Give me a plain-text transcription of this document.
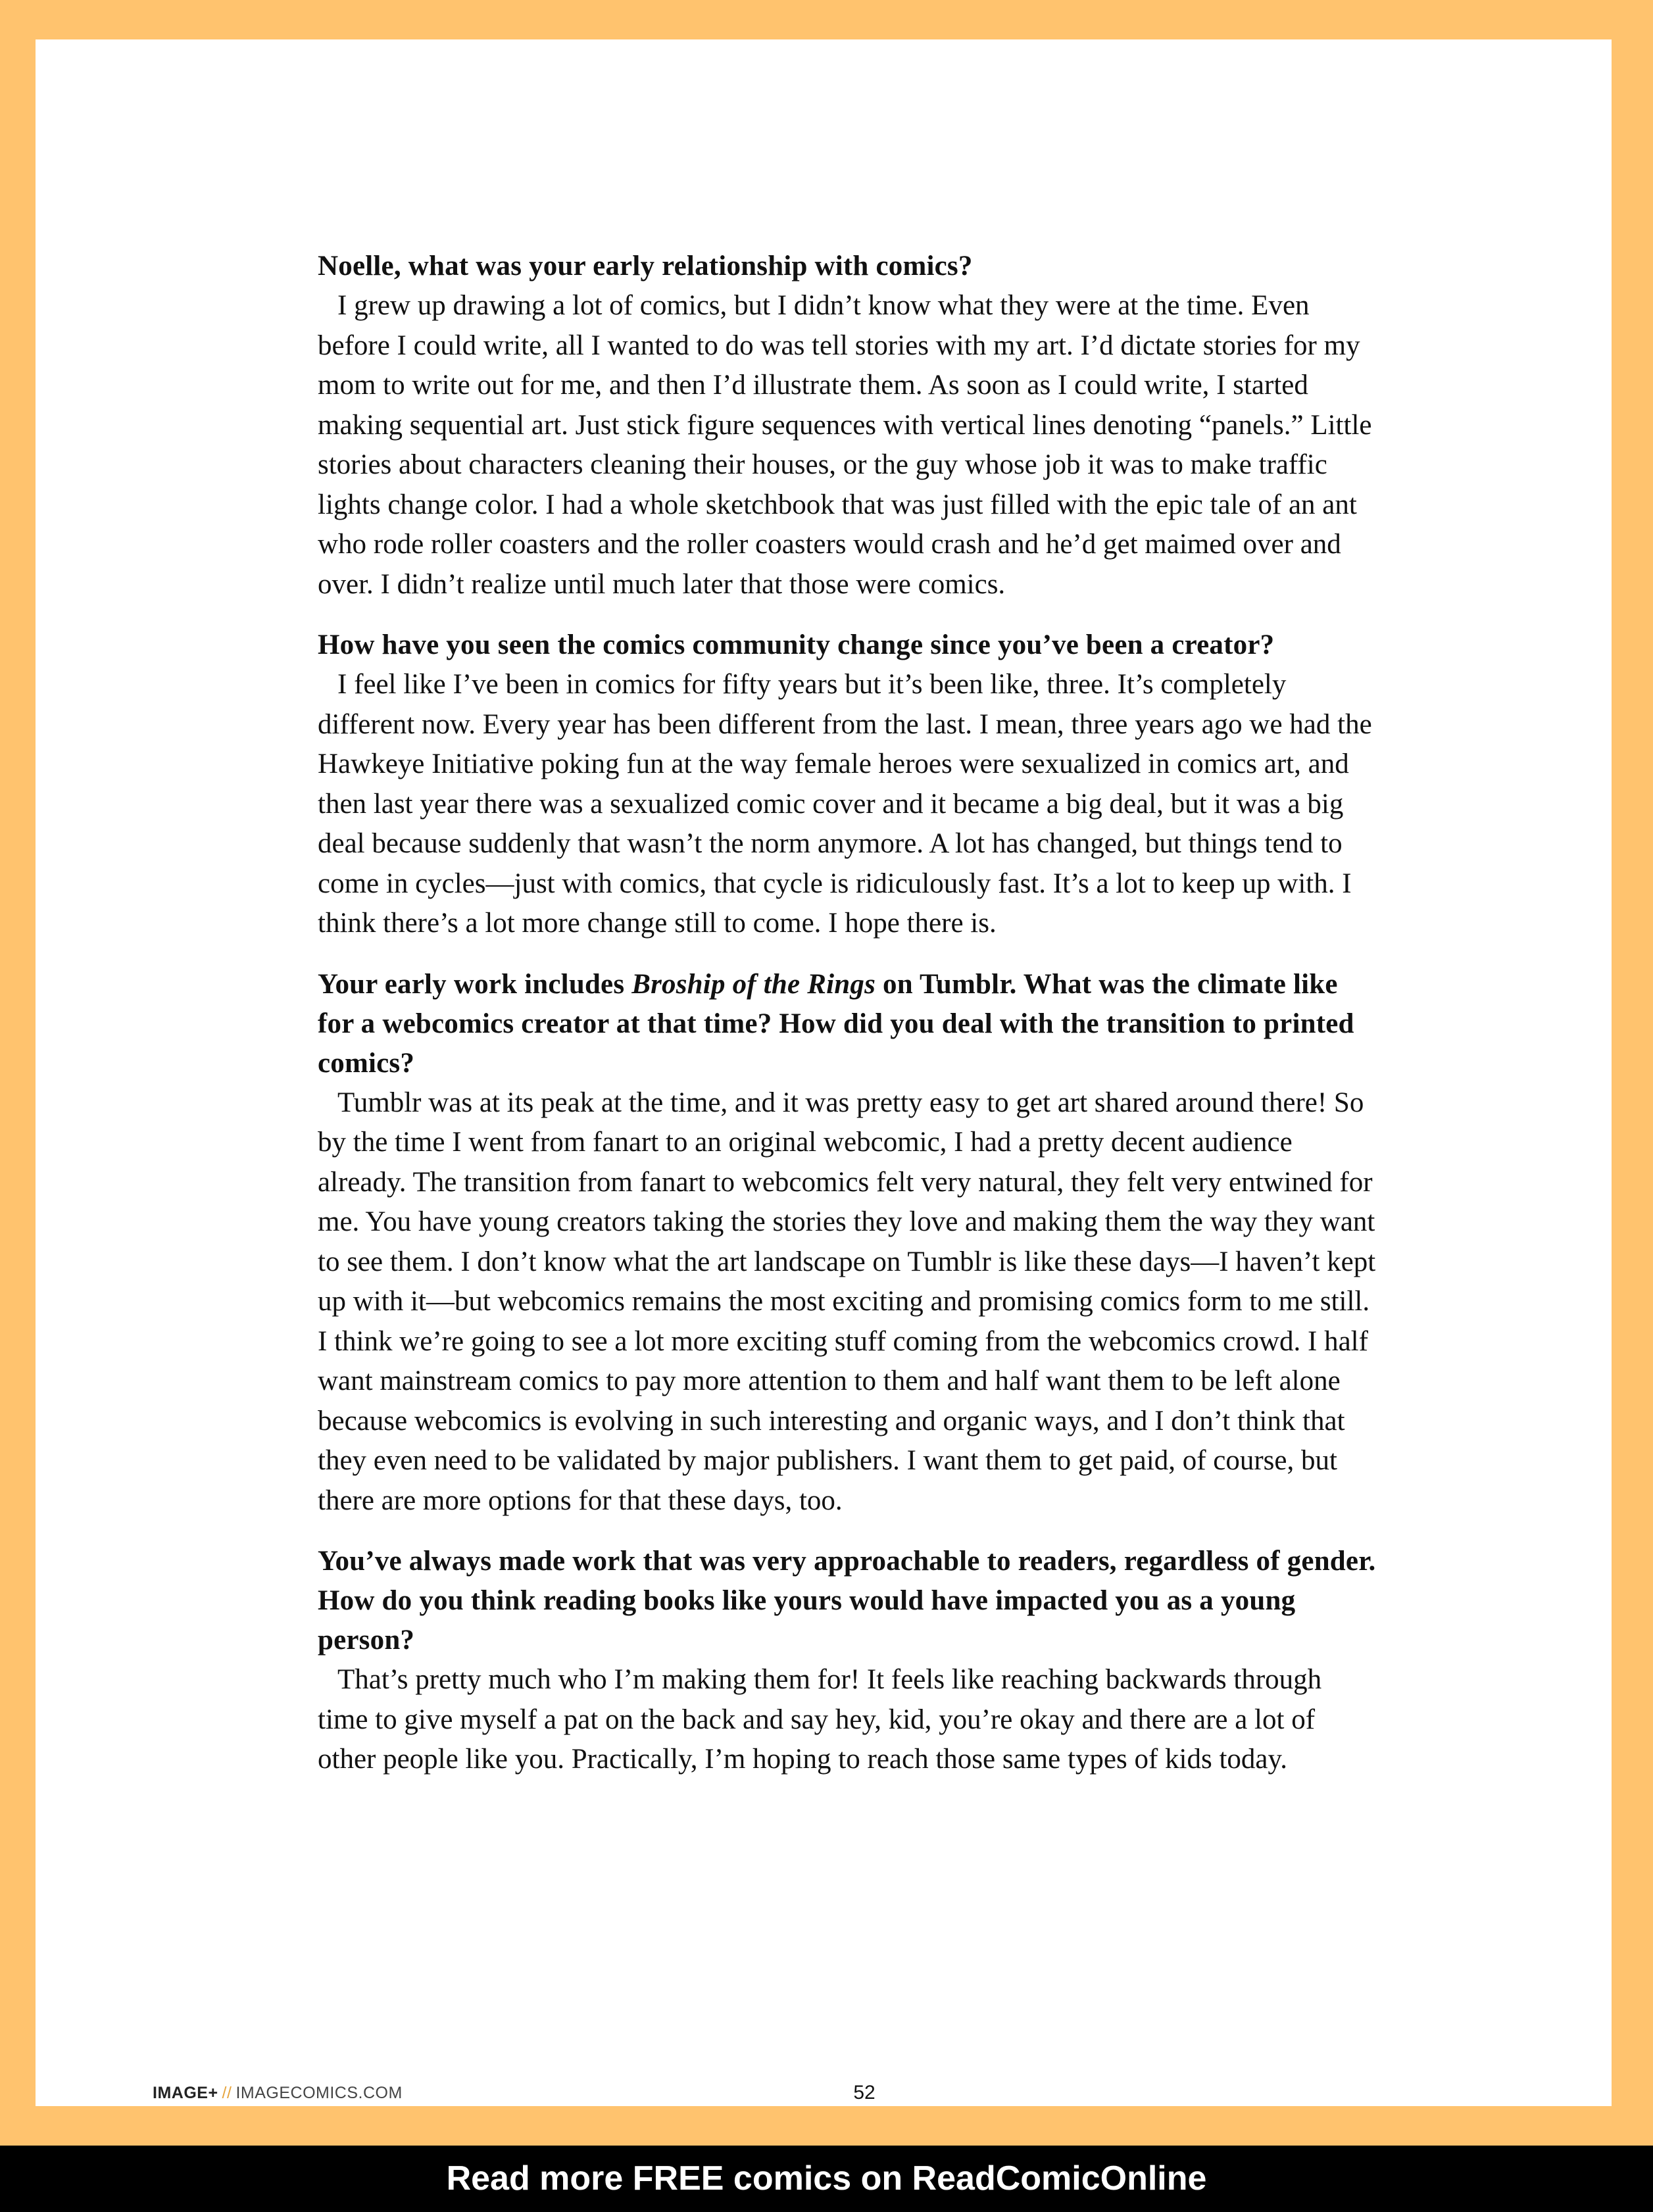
Noelle, what was your early relationship with comics?

I grew up drawing a lot of comics, but I didn’t know what they were at the time. Even before I could write, all I wanted to do was tell stories with my art. I’d dictate stories for my mom to write out for me, and then I’d illustrate them. As soon as I could write, I started making sequential art. Just stick figure sequences with vertical lines denoting “panels.” Little stories about characters cleaning their houses, or the guy whose job it was to make traffic lights change color. I had a whole sketchbook that was just filled with the epic tale of an ant who rode roller coasters and the roller coasters would crash and he’d get maimed over and over. I didn’t realize until much later that those were comics.

How have you seen the comics community change since you’ve been a creator?

I feel like I’ve been in comics for fifty years but it’s been like, three. It’s completely different now. Every year has been different from the last. I mean, three years ago we had the Hawkeye Initiative poking fun at the way female heroes were sexualized in comics art, and then last year there was a sexualized comic cover and it became a big deal, but it was a big deal because suddenly that wasn’t the norm anymore. A lot has changed, but things tend to come in cycles—just with comics, that cycle is ridiculously fast. It’s a lot to keep up with. I think there’s a lot more change still to come. I hope there is.

Your early work includes Broship of the Rings on Tumblr. What was the climate like for a webcomics creator at that time? How did you deal with the transition to printed comics?

Tumblr was at its peak at the time, and it was pretty easy to get art shared around there! So by the time I went from fanart to an original webcomic, I had a pretty decent audience already. The transition from fanart to webcomics felt very natural, they felt very entwined for me. You have young creators taking the stories they love and making them the way they want to see them. I don’t know what the art landscape on Tumblr is like these days—I haven’t kept up with it—but webcomics remains the most exciting and promising comics form to me still. I think we’re going to see a lot more exciting stuff coming from the webcomics crowd. I half want mainstream comics to pay more attention to them and half want them to be left alone because webcomics is evolving in such interesting and organic ways, and I don’t think that they even need to be validated by major publishers. I want them to get paid, of course, but there are more options for that these days, too.

You’ve always made work that was very approachable to readers, regardless of gender. How do you think reading books like yours would have impacted you as a young person?

That’s pretty much who I’m making them for! It feels like reaching backwards through time to give myself a pat on the back and say hey, kid, you’re okay and there are a lot of other people like you. Practically, I’m hoping to reach those same types of kids today.

IMAGE+ // IMAGECOMICS.COM	52
Read more FREE comics on ReadComicOnline
